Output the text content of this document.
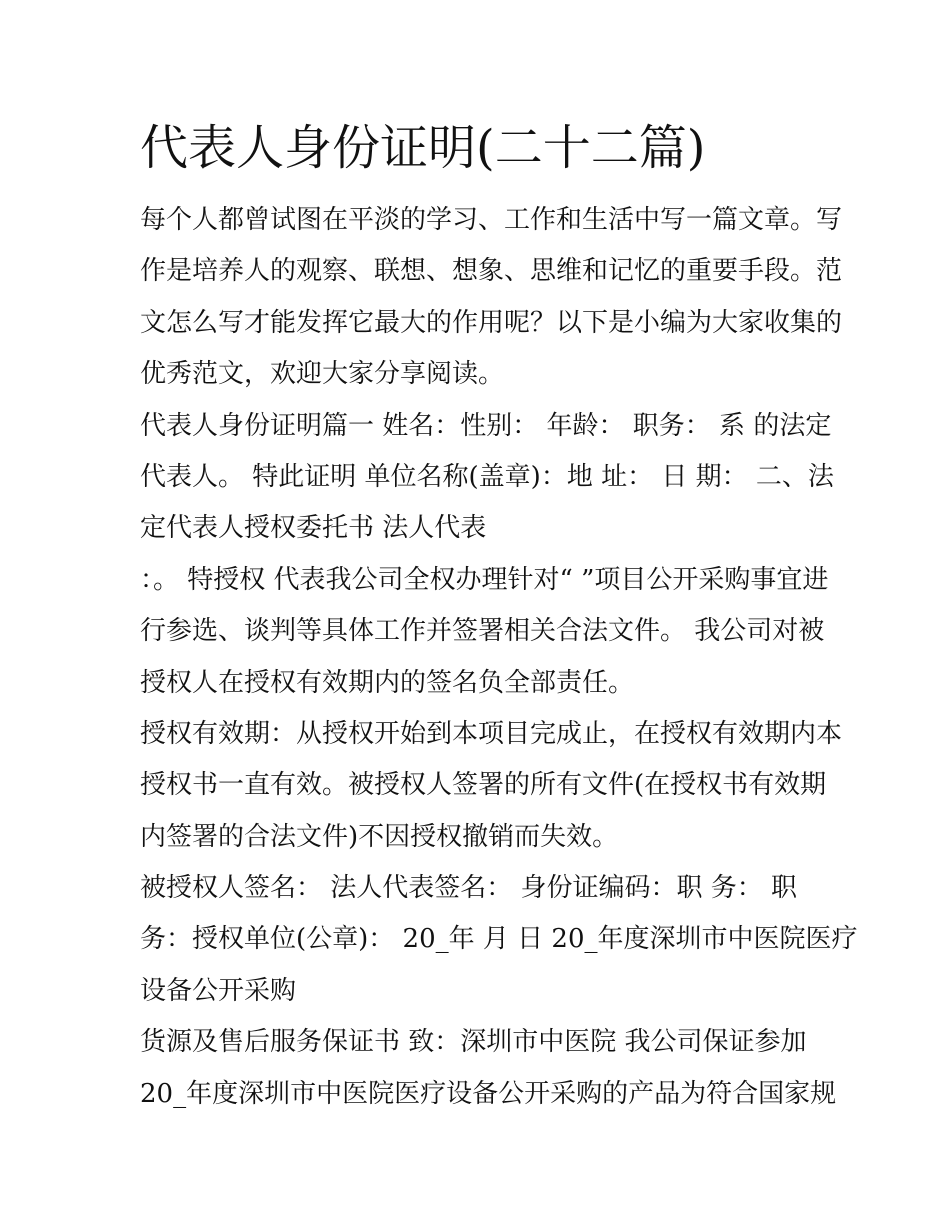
代表人身份证明(二十二篇)
每个人都曾试图在平淡的学习、工作和生活中写一篇文章。写
作是培养人的观察、联想、想象、思维和记忆的重要手段。范
文怎么写才能发挥它最大的作用呢？以下是小编为大家收集的
优秀范文，欢迎大家分享阅读。
代表人身份证明篇一 姓名：性别： 年龄： 职务： 系 的法定
代表人。 特此证明 单位名称(盖章)：地 址： 日 期： 二、法
定代表人授权委托书 法人代表
：。 特授权 代表我公司全权办理针对“ ”项目公开采购事宜进
行参选、谈判等具体工作并签署相关合法文件。 我公司对被
授权人在授权有效期内的签名负全部责任。
授权有效期：从授权开始到本项目完成止，在授权有效期内本
授权书一直有效。被授权人签署的所有文件(在授权书有效期
内签署的合法文件)不因授权撤销而失效。
被授权人签名： 法人代表签名： 身份证编码：职 务： 职
务：授权单位(公章)： 20_年 月 日 20_年度深圳市中医院医疗
设备公开采购
货源及售后服务保证书 致：深圳市中医院 我公司保证参加
20_年度深圳市中医院医疗设备公开采购的产品为符合国家规
